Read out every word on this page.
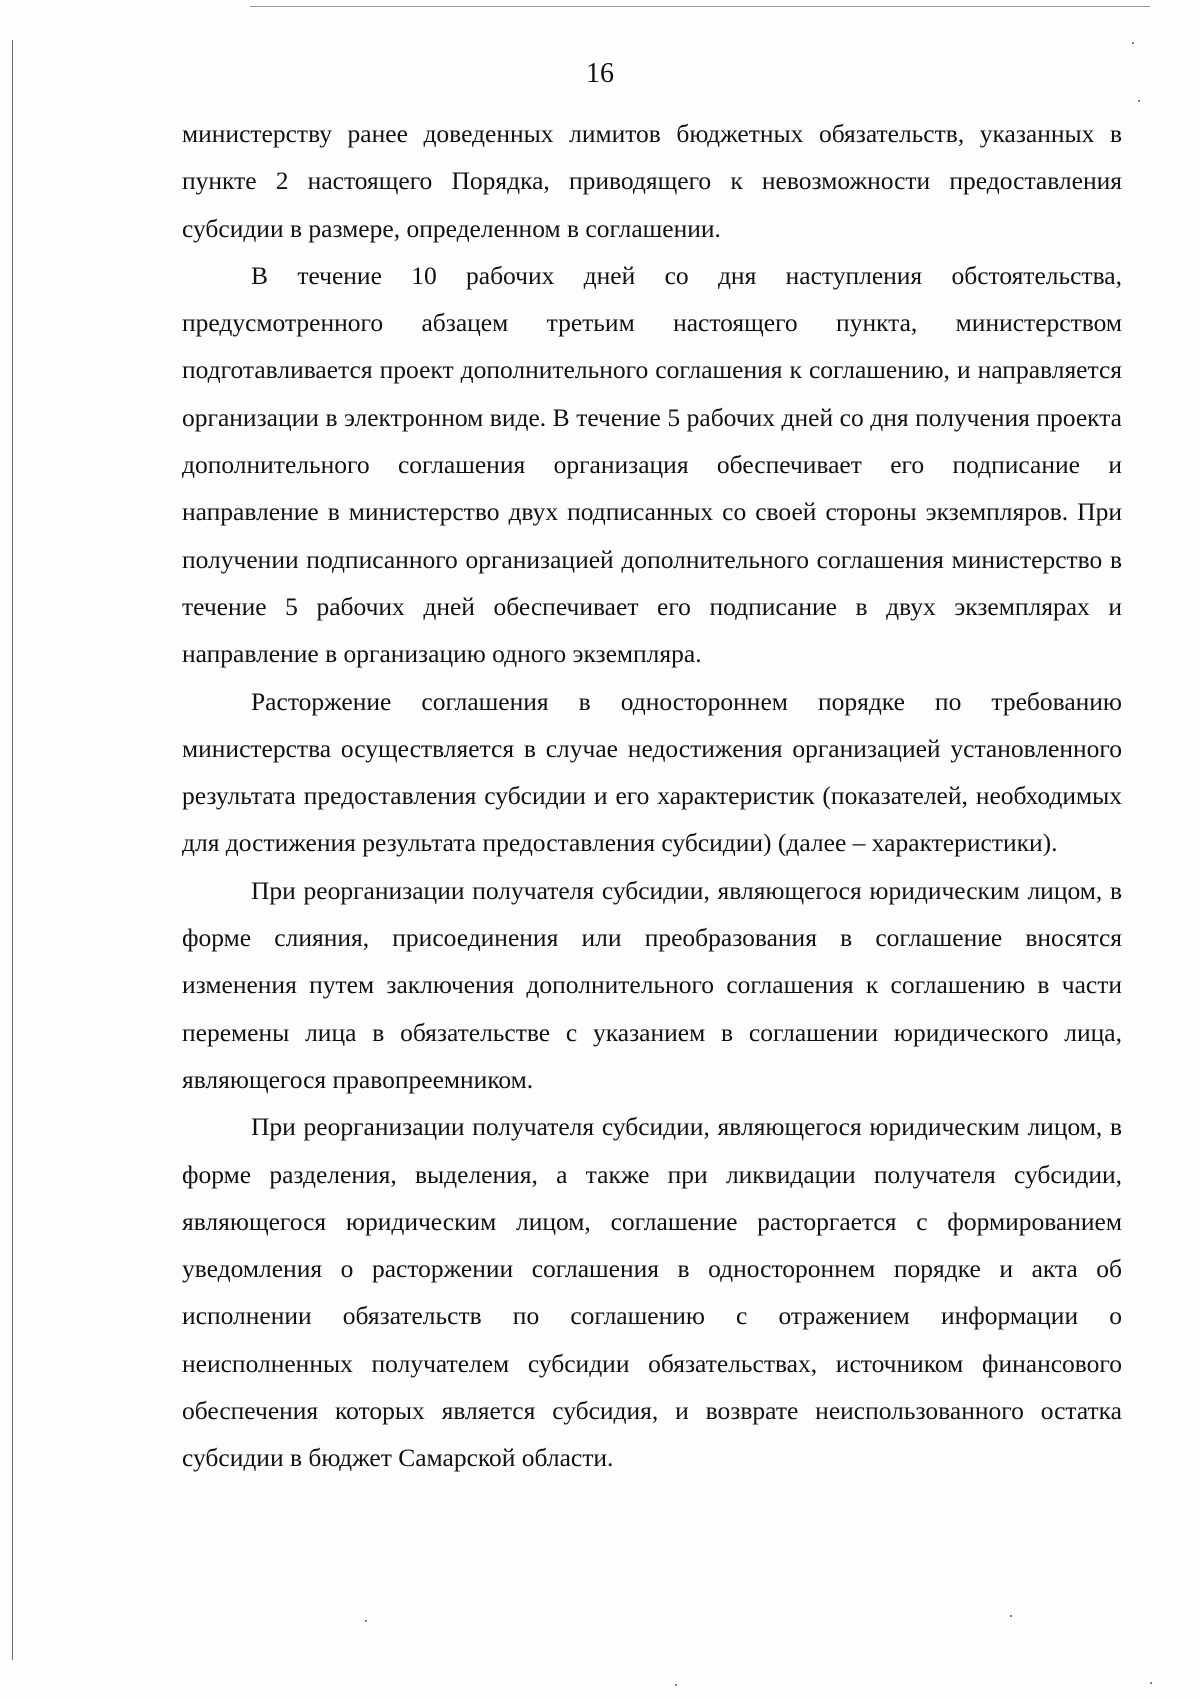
16

министерству ранее доведенных лимитов бюджетных обязательств, указанных в пункте 2 настоящего Порядка, приводящего к невозможности предоставления субсидии в размере, определенном в соглашении.

В течение 10 рабочих дней со дня наступления обстоятельства, предусмотренного абзацем третьим настоящего пункта, министерством подготавливается проект дополнительного соглашения к соглашению, и направляется организации в электронном виде. В течение 5 рабочих дней со дня получения проекта дополнительного соглашения организация обеспечивает его подписание и направление в министерство двух подписанных со своей стороны экземпляров. При получении подписанного организацией дополнительного соглашения министерство в течение 5 рабочих дней обеспечивает его подписание в двух экземплярах и направление в организацию одного экземпляра.

Расторжение соглашения в одностороннем порядке по требованию министерства осуществляется в случае недостижения организацией установленного результата предоставления субсидии и его характеристик (показателей, необходимых для достижения результата предоставления субсидии) (далее – характеристики).

При реорганизации получателя субсидии, являющегося юридическим лицом, в форме слияния, присоединения или преобразования в соглашение вносятся изменения путем заключения дополнительного соглашения к соглашению в части перемены лица в обязательстве с указанием в соглашении юридического лица, являющегося правопреемником.

При реорганизации получателя субсидии, являющегося юридическим лицом, в форме разделения, выделения, а также при ликвидации получателя субсидии, являющегося юридическим лицом, соглашение расторгается с формированием уведомления о расторжении соглашения в одностороннем порядке и акта об исполнении обязательств по соглашению с отражением информации о неисполненных получателем субсидии обязательствах, источником финансового обеспечения которых является субсидия, и возврате неиспользованного остатка субсидии в бюджет Самарской области.
